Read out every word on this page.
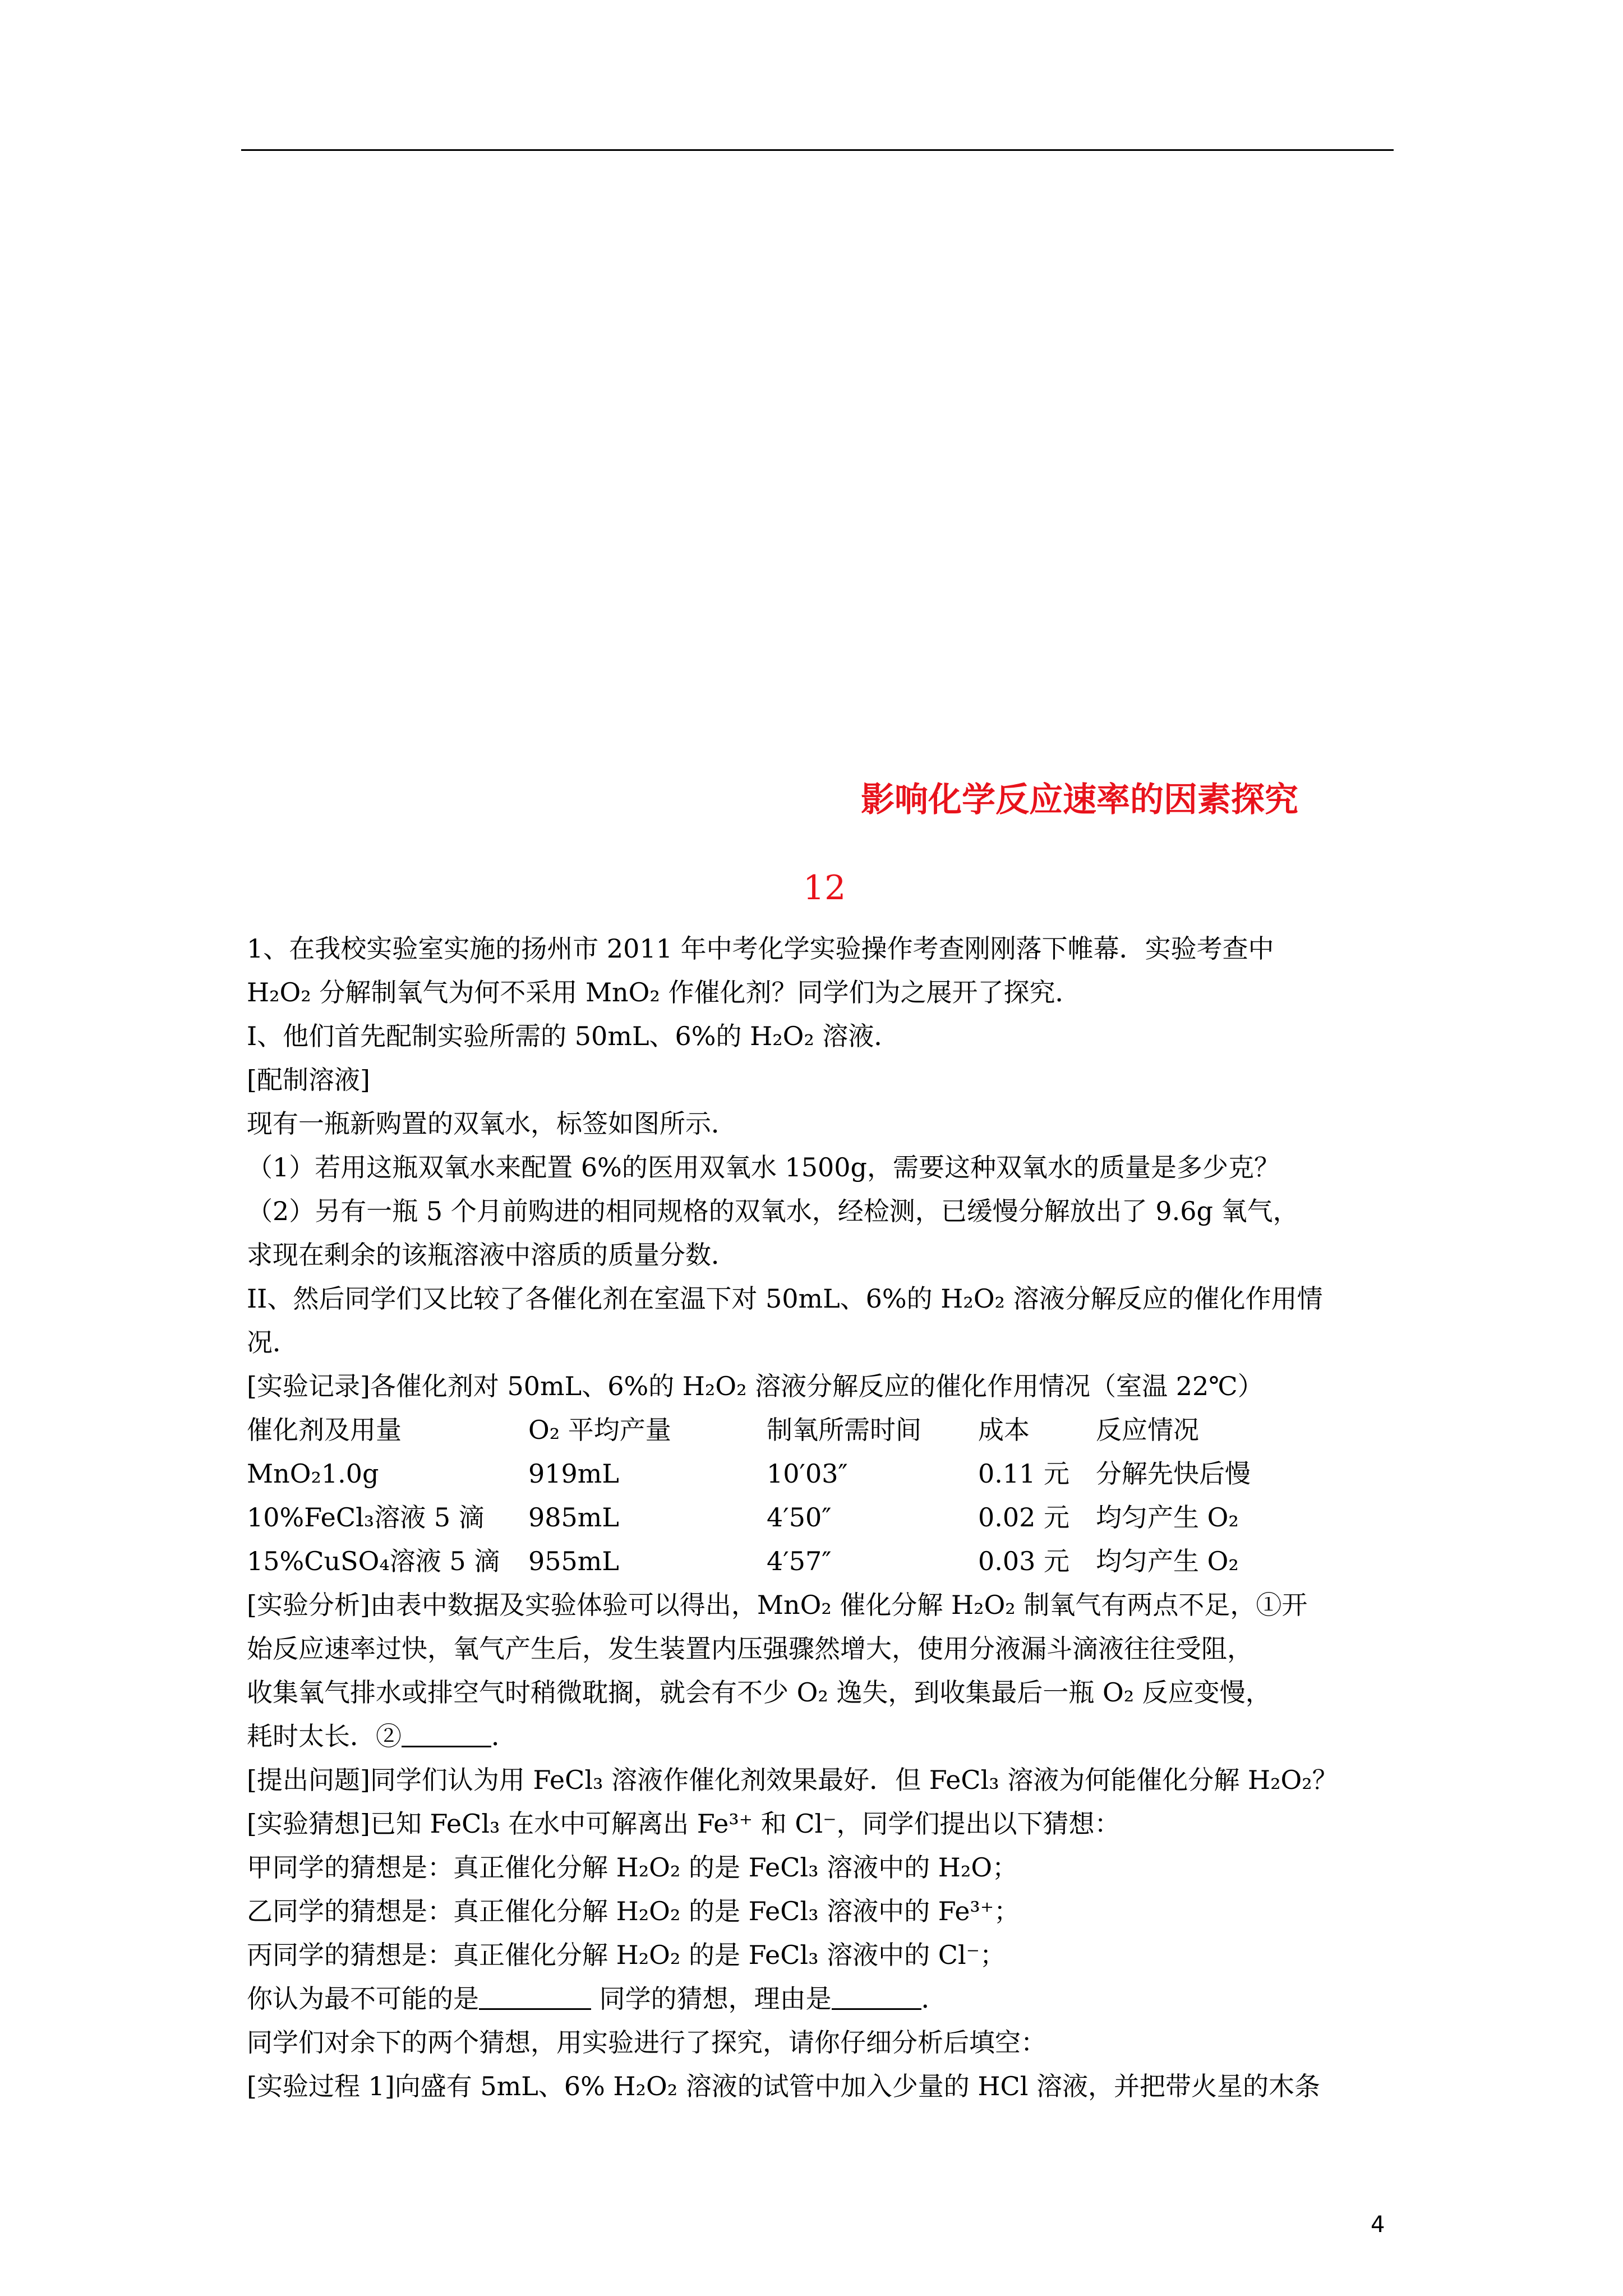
影响化学反应速率的因素探究
12
1、在我校实验室实施的扬州市 2011 年中考化学实验操作考查刚刚落下帷幕．实验考查中
H₂O₂ 分解制氧气为何不采用 MnO₂ 作催化剂？同学们为之展开了探究．
I、他们首先配制实验所需的 50mL、6%的 H₂O₂ 溶液．
[配制溶液]
现有一瓶新购置的双氧水，标签如图所示．
（1）若用这瓶双氧水来配置 6%的医用双氧水 1500g，需要这种双氧水的质量是多少克？
（2）另有一瓶 5 个月前购进的相同规格的双氧水，经检测，已缓慢分解放出了 9.6g 氧气，
求现在剩余的该瓶溶液中溶质的质量分数．
II、然后同学们又比较了各催化剂在室温下对 50mL、6%的 H₂O₂ 溶液分解反应的催化作用情
况．
[实验记录]各催化剂对 50mL、6%的 H₂O₂ 溶液分解反应的催化作用情况（室温 22℃）
催化剂及用量	O₂ 平均产量	制氧所需时间	成本	反应情况
MnO₂1.0g	919mL	10′03″	0.11 元	分解先快后慢
10%FeCl₃溶液 5 滴	985mL	4′50″	0.02 元	均匀产生 O₂
15%CuSO₄溶液 5 滴	955mL	4′57″	0.03 元	均匀产生 O₂
[实验分析]由表中数据及实验体验可以得出，MnO₂ 催化分解 H₂O₂ 制氧气有两点不足，①开
始反应速率过快，氧气产生后，发生装置内压强骤然增大，使用分液漏斗滴液往往受阻，
收集氧气排水或排空气时稍微耽搁，就会有不少 O₂ 逸失，到收集最后一瓶 O₂ 反应变慢，
耗时太长．②	．
[提出问题]同学们认为用 FeCl₃ 溶液作催化剂效果最好．但 FeCl₃ 溶液为何能催化分解 H₂O₂？
[实验猜想]已知 FeCl₃ 在水中可解离出 Fe³⁺ 和 Cl⁻，同学们提出以下猜想：
甲同学的猜想是：真正催化分解 H₂O₂ 的是 FeCl₃ 溶液中的 H₂O；
乙同学的猜想是：真正催化分解 H₂O₂ 的是 FeCl₃ 溶液中的 Fe³⁺；
丙同学的猜想是：真正催化分解 H₂O₂ 的是 FeCl₃ 溶液中的 Cl⁻；
你认为最不可能的是	同学的猜想，理由是	．
同学们对余下的两个猜想，用实验进行了探究，请你仔细分析后填空：
[实验过程 1]向盛有 5mL、6% H₂O₂ 溶液的试管中加入少量的 HCl 溶液，并把带火星的木条
4
